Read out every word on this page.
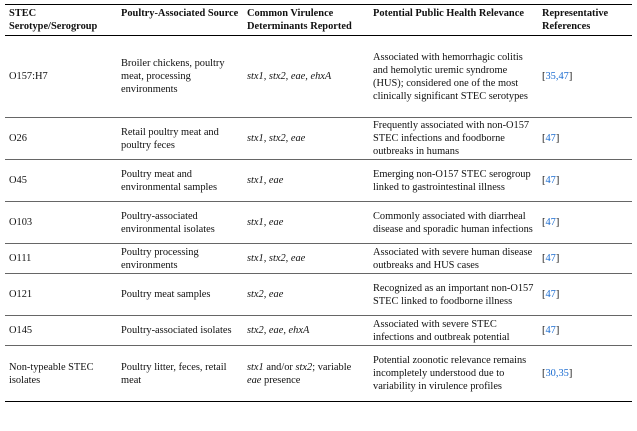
STEC Serotype/Serogroup	Poultry-Associated Source	Common Virulence Determinants Reported	Potential Public Health Relevance	Representative References
O157:H7	Broiler chickens, poultry meat, processing environments	stx1, stx2, eae, ehxA	Associated with hemorrhagic colitis and hemolytic uremic syndrome (HUS); considered one of the most clinically significant STEC serotypes	[35,47]
O26	Retail poultry meat and poultry feces	stx1, stx2, eae	Frequently associated with non-O157 STEC infections and foodborne outbreaks in humans	[47]
O45	Poultry meat and environmental samples	stx1, eae	Emerging non-O157 STEC serogroup linked to gastrointestinal illness	[47]
O103	Poultry-associated environmental isolates	stx1, eae	Commonly associated with diarrheal disease and sporadic human infections	[47]
O111	Poultry processing environments	stx1, stx2, eae	Associated with severe human disease outbreaks and HUS cases	[47]
O121	Poultry meat samples	stx2, eae	Recognized as an important non-O157 STEC linked to foodborne illness	[47]
O145	Poultry-associated isolates	stx2, eae, ehxA	Associated with severe STEC infections and outbreak potential	[47]
Non-typeable STEC isolates	Poultry litter, feces, retail meat	stx1 and/or stx2; variable eae presence	Potential zoonotic relevance remains incompletely understood due to variability in virulence profiles	[30,35]
